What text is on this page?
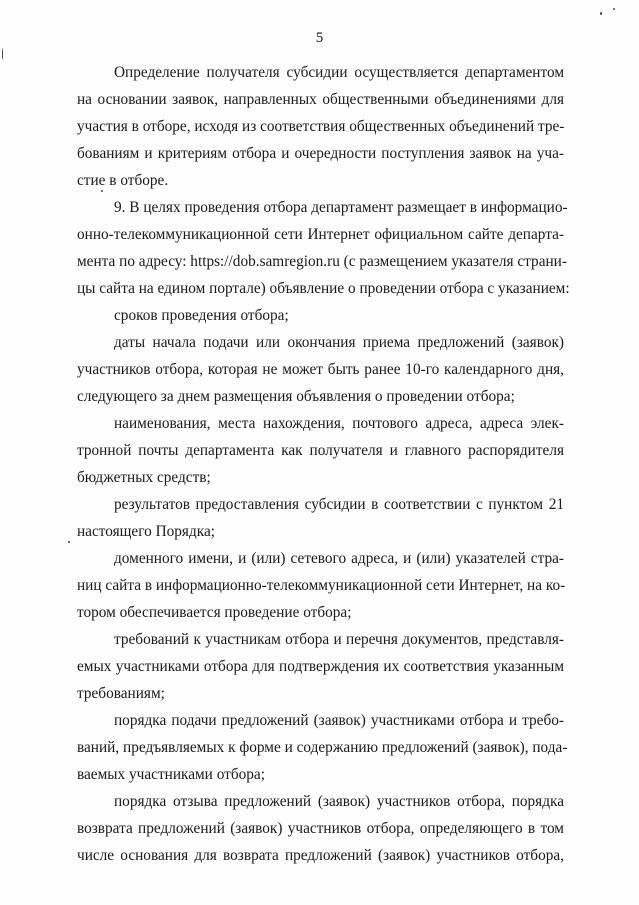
5
Определение получателя субсидии осуществляется департаментом
на основании заявок, направленных общественными объединениями для
участия в отборе, исходя из соответствия общественных объединений тре-
бованиям и критериям отбора и очередности поступления заявок на уча-
стие в отборе.
9. В целях проведения отбора департамент размещает в информацио-
онно-телекоммуникационной сети Интернет официальном сайте департа-
мента по адресу: https://dob.samregion.ru (с размещением указателя страни-
цы сайта на едином портале) объявление о проведении отбора с указанием:
сроков проведения отбора;
даты начала подачи или окончания приема предложений (заявок)
участников отбора, которая не может быть ранее 10-го календарного дня,
следующего за днем размещения объявления о проведении отбора;
наименования, места нахождения, почтового адреса, адреса элек-
тронной почты департамента как получателя и главного распорядителя
бюджетных средств;
результатов предоставления субсидии в соответствии с пунктом 21
настоящего Порядка;
доменного имени, и (или) сетевого адреса, и (или) указателей стра-
ниц сайта в информационно-телекоммуникационной сети Интернет, на ко-
тором обеспечивается проведение отбора;
требований к участникам отбора и перечня документов, представля-
емых участниками отбора для подтверждения их соответствия указанным
требованиям;
порядка подачи предложений (заявок) участниками отбора и требо-
ваний, предъявляемых к форме и содержанию предложений (заявок), пода-
ваемых участниками отбора;
порядка отзыва предложений (заявок) участников отбора, порядка
возврата предложений (заявок) участников отбора, определяющего в том
числе основания для возврата предложений (заявок) участников отбора,
